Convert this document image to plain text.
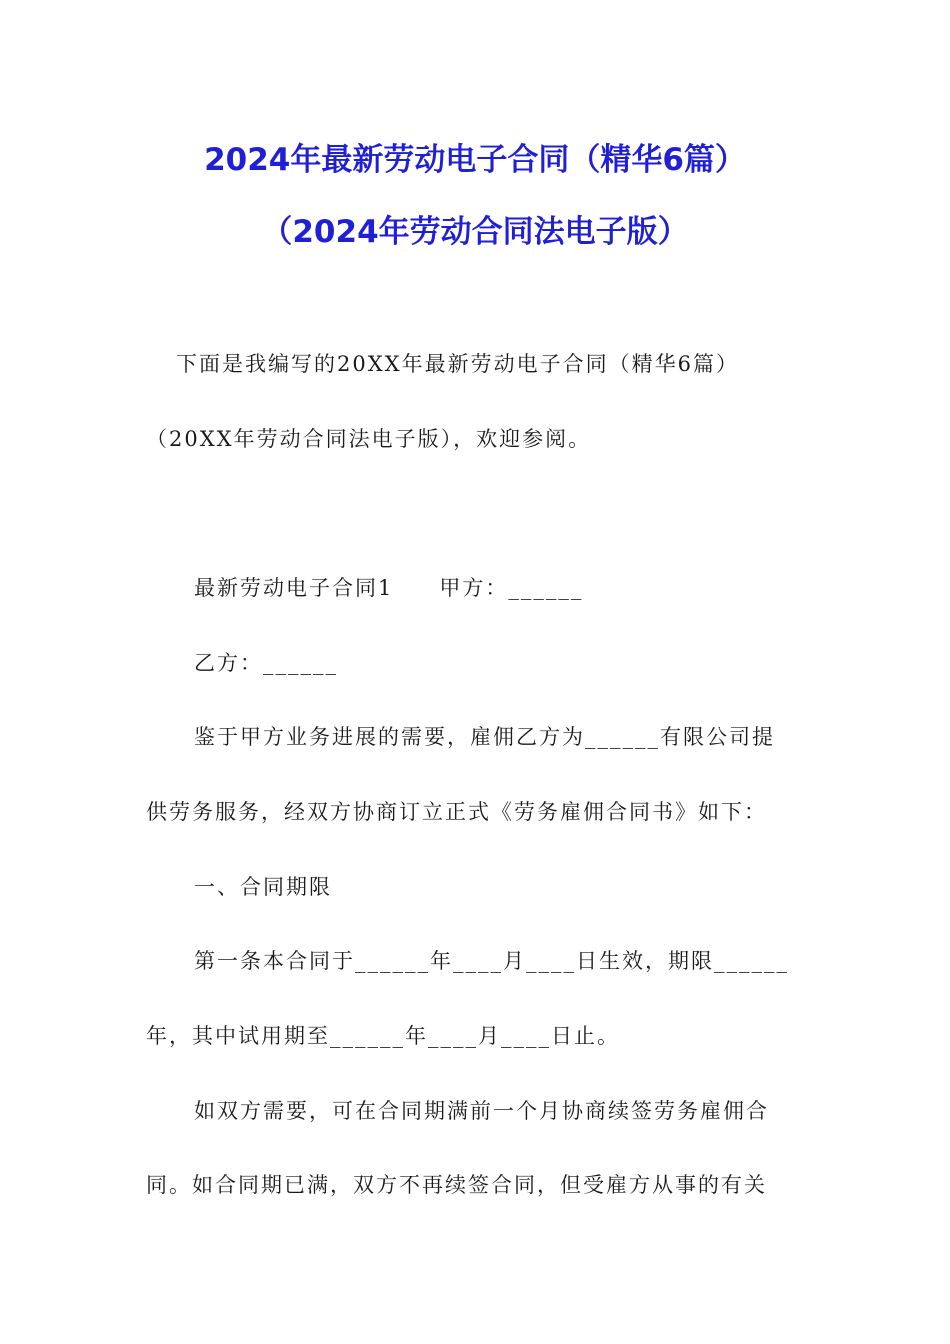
2024年最新劳动电子合同（精华6篇）
（2024年劳动合同法电子版）
下面是我编写的20XX年最新劳动电子合同（精华6篇）
（20XX年劳动合同法电子版），欢迎参阅。
最新劳动电子合同1　　甲方：______
乙方：______
鉴于甲方业务进展的需要，雇佣乙方为______有限公司提
供劳务服务，经双方协商订立正式《劳务雇佣合同书》如下：
一、合同期限
第一条本合同于______年____月____日生效，期限______
年，其中试用期至______年____月____日止。
如双方需要，可在合同期满前一个月协商续签劳务雇佣合
同。如合同期已满，双方不再续签合同，但受雇方从事的有关
